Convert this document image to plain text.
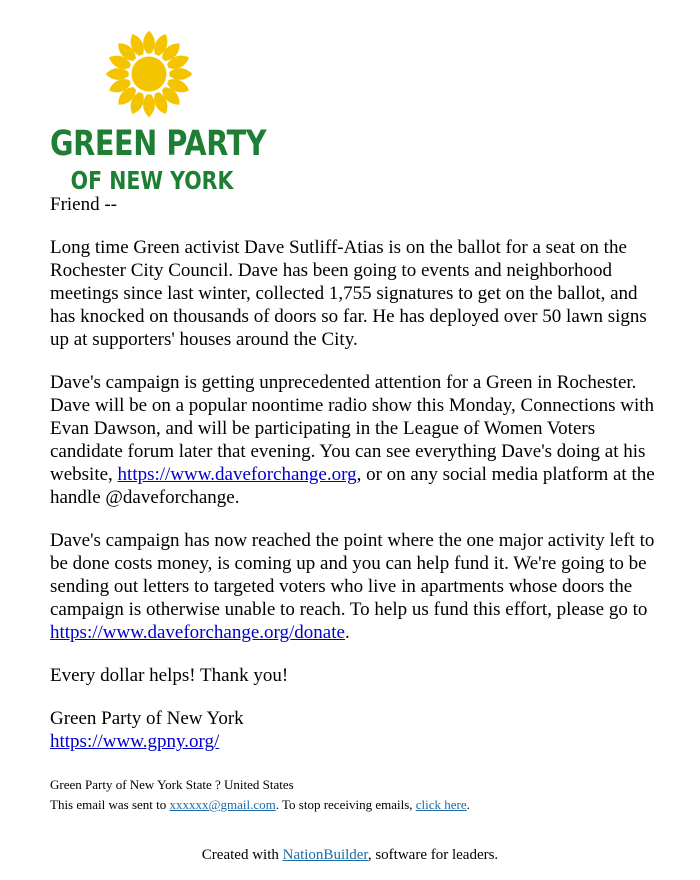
GREEN PARTY
OF NEW YORK

Friend --

Long time Green activist Dave Sutliff-Atias is on the ballot for a seat on the Rochester City Council. Dave has been going to events and neighborhood meetings since last winter, collected 1,755 signatures to get on the ballot, and has knocked on thousands of doors so far. He has deployed over 50 lawn signs up at supporters' houses around the City.

Dave's campaign is getting unprecedented attention for a Green in Rochester. Dave will be on a popular noontime radio show this Monday, Connections with Evan Dawson, and will be participating in the League of Women Voters candidate forum later that evening. You can see everything Dave's doing at his website, https://www.daveforchange.org, or on any social media platform at the handle @daveforchange.

Dave's campaign has now reached the point where the one major activity left to be done costs money, is coming up and you can help fund it. We're going to be sending out letters to targeted voters who live in apartments whose doors the campaign is otherwise unable to reach. To help us fund this effort, please go to https://www.daveforchange.org/donate.

Every dollar helps! Thank you!

Green Party of New York
https://www.gpny.org/
Green Party of New York State ? United States
This email was sent to xxxxxx@gmail.com. To stop receiving emails, click here.
Created with NationBuilder, software for leaders.
